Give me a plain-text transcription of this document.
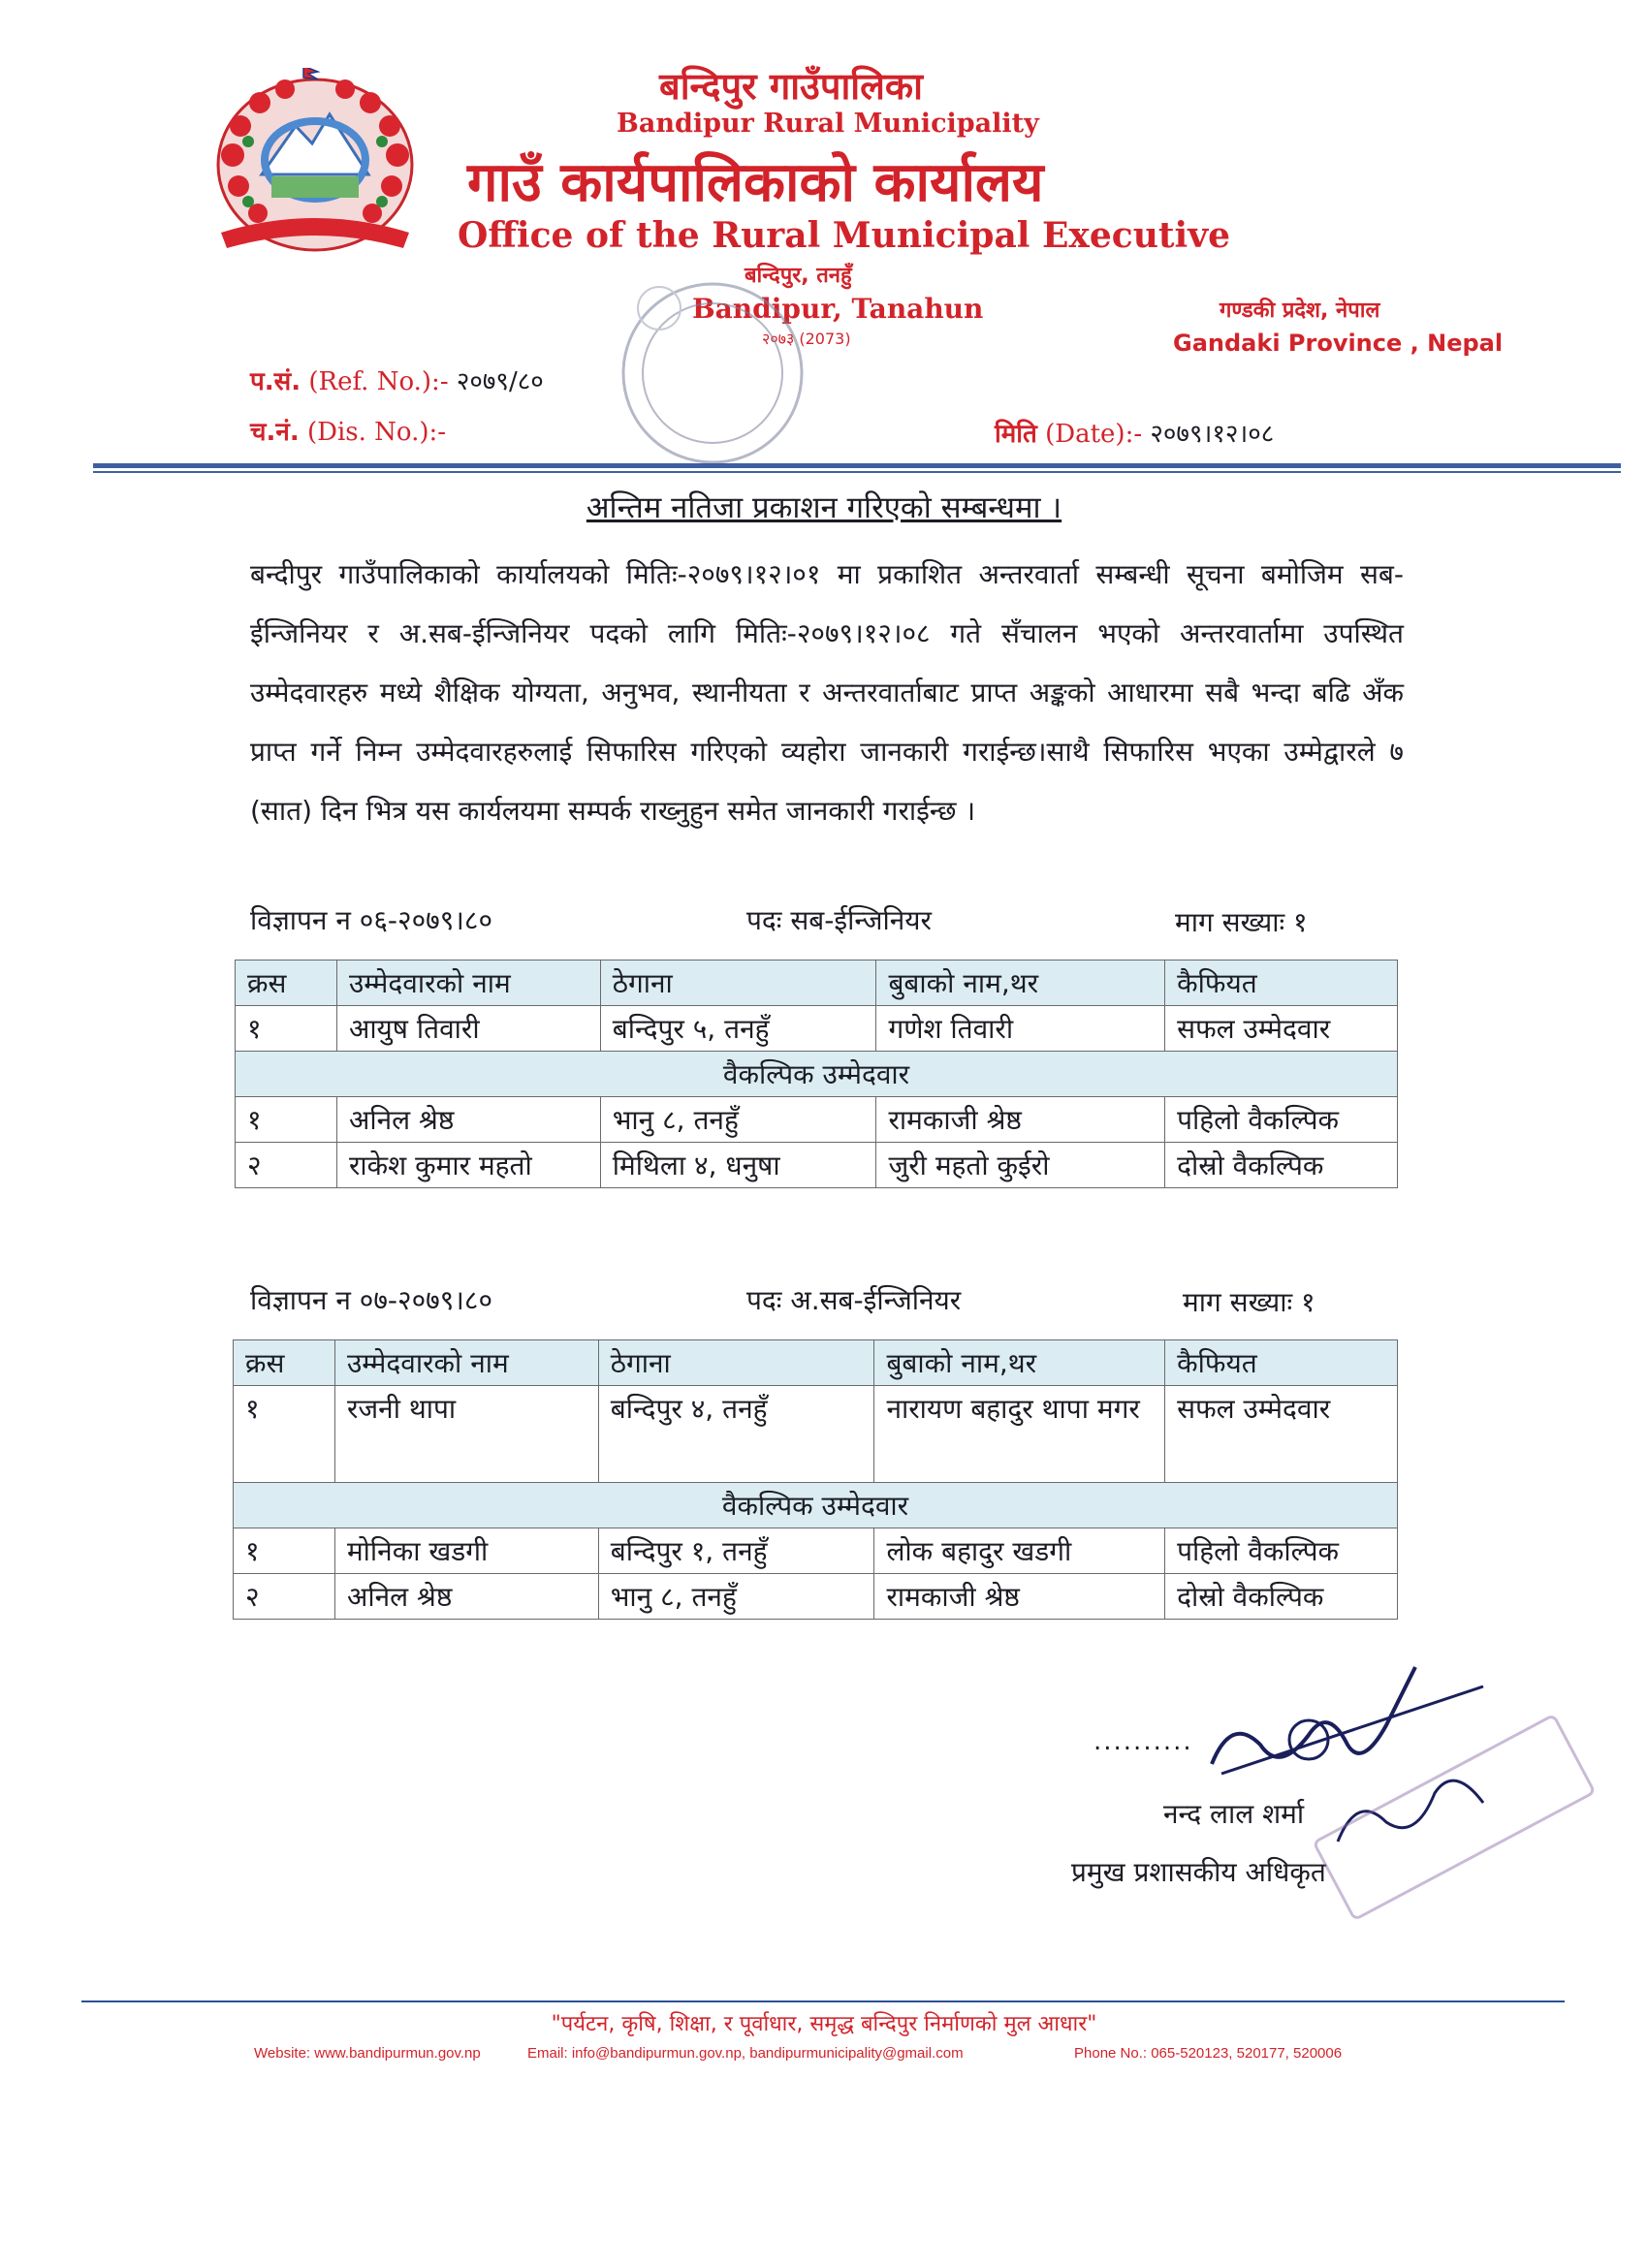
बन्दिपुर गाउँपालिका
Bandipur Rural Municipality
गाउँ कार्यपालिकाको कार्यालय
Office of the Rural Municipal Executive
बन्दिपुर, तनहुँ
Bandipur, Tanahun
२०७३ (2073)
गण्डकी प्रदेश, नेपाल
Gandaki Province , Nepal
प.सं. (Ref. No.):- २०७९/८०
च.नं. (Dis. No.):-	मिति (Date):- २०७९।१२।०८
अन्तिम नतिजा प्रकाशन गरिएको सम्बन्धमा ।
बन्दीपुर गाउँपालिकाको कार्यालयको मितिः-२०७९।१२।०१ मा प्रकाशित अन्तरवार्ता सम्बन्धी सूचना बमोजिम सब-ईन्जिनियर र अ.सब-ईन्जिनियर पदको लागि मितिः-२०७९।१२।०८ गते सँचालन भएको अन्तरवार्तामा उपस्थित उम्मेदवारहरु मध्ये शैक्षिक योग्यता, अनुभव, स्थानीयता र अन्तरवार्ताबाट प्राप्त अङ्कको आधारमा सबै भन्दा बढि अँक प्राप्त गर्ने निम्न उम्मेदवारहरुलाई सिफारिस गरिएको व्यहोरा जानकारी गराईन्छ।साथै सिफारिस भएका उम्मेद्वारले ७ (सात) दिन भित्र यस कार्यलयमा सम्पर्क राख्नुहुन समेत जानकारी गराईन्छ ।
विज्ञापन न ०६-२०७९।८०	पदः सब-ईन्जिनियर	माग सख्याः १
क्रस	उम्मेदवारको नाम	ठेगाना	बुबाको नाम,थर	कैफियत
१	आयुष तिवारी	बन्दिपुर ५, तनहुँ	गणेश तिवारी	सफल उम्मेदवार
वैकल्पिक उम्मेदवार				
१	अनिल श्रेष्ठ	भानु ८, तनहुँ	रामकाजी श्रेष्ठ	पहिलो वैकल्पिक
२	राकेश कुमार महतो	मिथिला ४, धनुषा	जुरी महतो कुईरो	दोस्रो वैकल्पिक
विज्ञापन न ०७-२०७९।८०	पदः अ.सब-ईन्जिनियर	माग सख्याः १
क्रस	उम्मेदवारको नाम	ठेगाना	बुबाको नाम,थर	कैफियत
१	रजनी थापा	बन्दिपुर ४, तनहुँ	नारायण बहादुर थापा मगर	सफल उम्मेदवार
वैकल्पिक उम्मेदवार				
१	मोनिका खडगी	बन्दिपुर १, तनहुँ	लोक बहादुर खडगी	पहिलो वैकल्पिक
२	अनिल श्रेष्ठ	भानु ८, तनहुँ	रामकाजी श्रेष्ठ	दोस्रो वैकल्पिक
..........
नन्द लाल शर्मा
प्रमुख प्रशासकीय अधिकृत
"पर्यटन, कृषि, शिक्षा, र पूर्वाधार, समृद्ध बन्दिपुर निर्माणको मुल आधार"
Website: www.bandipurmun.gov.np	Email: info@bandipurmun.gov.np, bandipurmunicipality@gmail.com	Phone No.: 065-520123, 520177, 520006
